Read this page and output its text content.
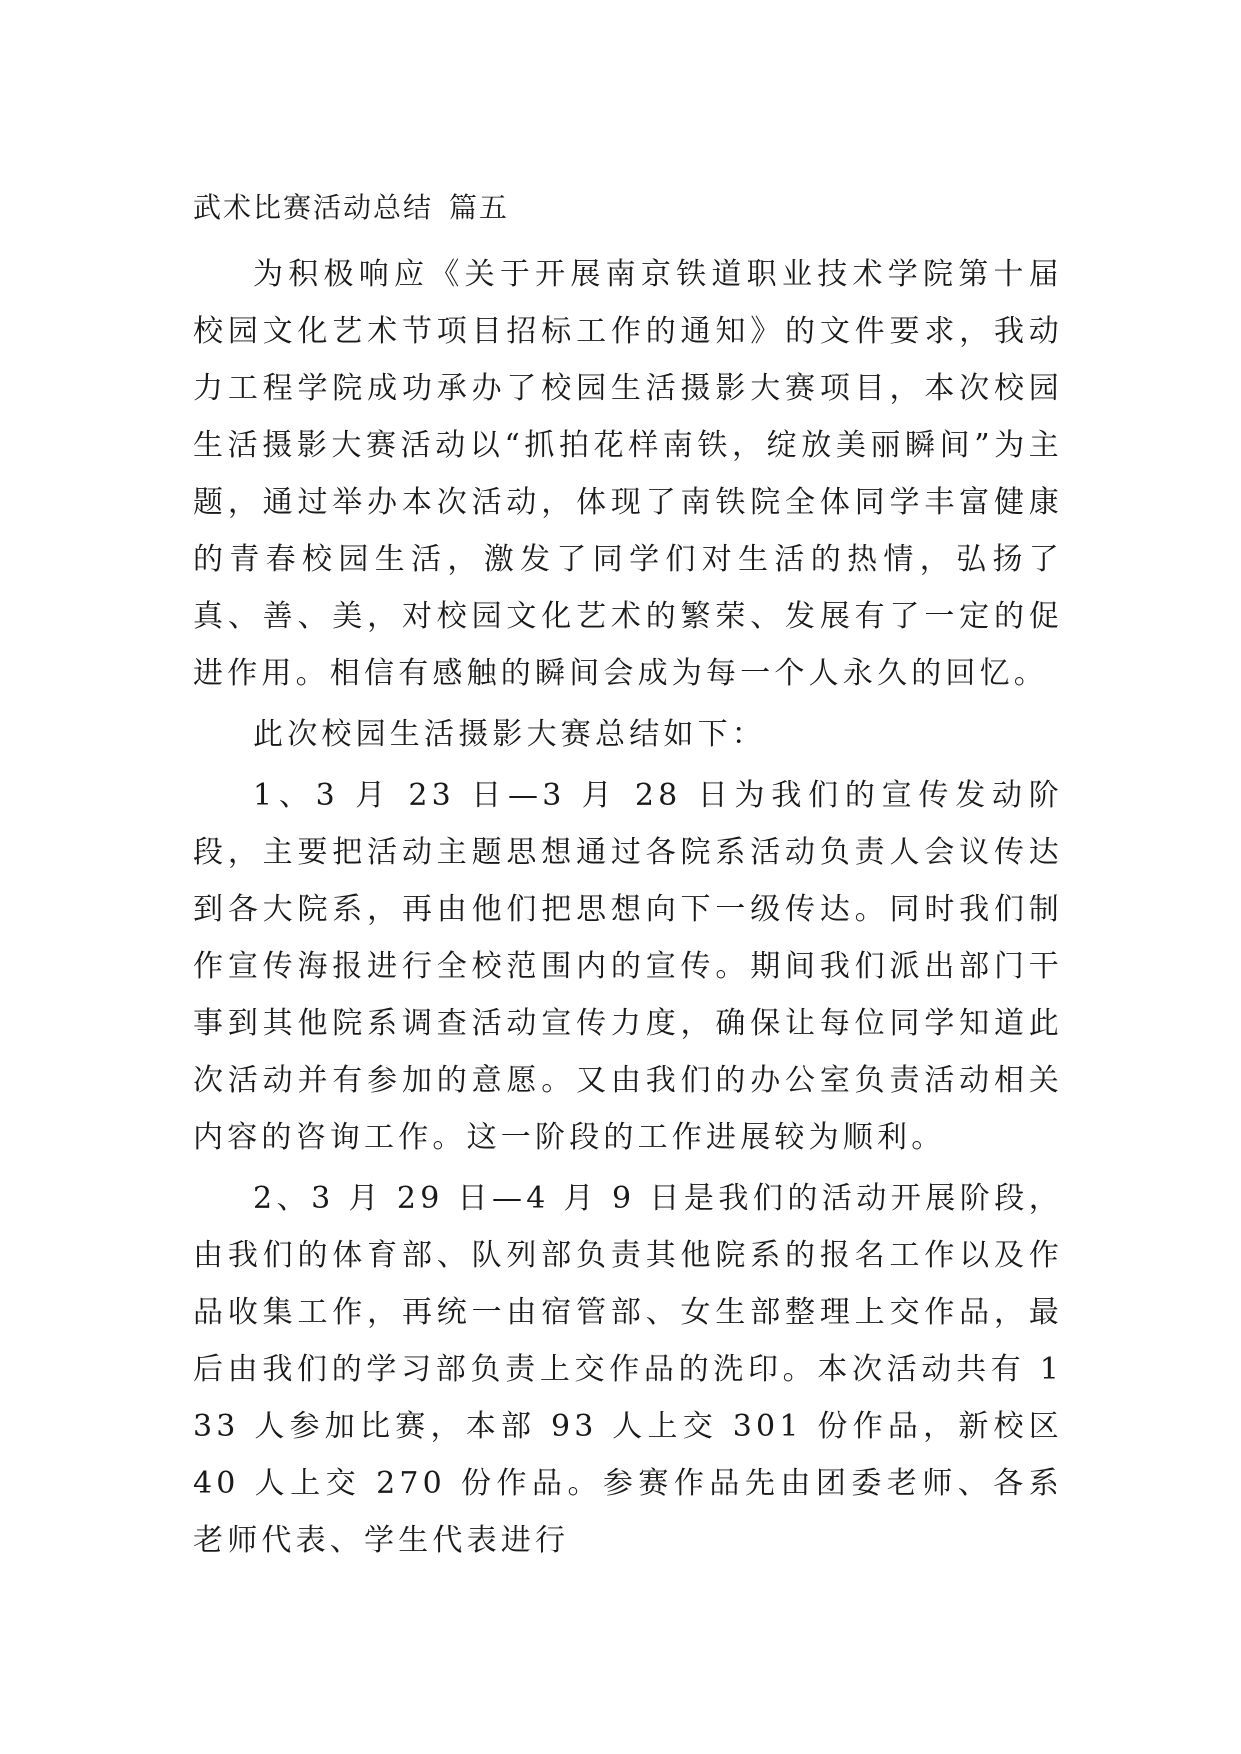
武术比赛活动总结 篇五

为积极响应《关于开展南京铁道职业技术学院第十届校园文化艺术节项目招标工作的通知》的文件要求，我动力工程学院成功承办了校园生活摄影大赛项目，本次校园生活摄影大赛活动以“抓拍花样南铁，绽放美丽瞬间”为主题，通过举办本次活动，体现了南铁院全体同学丰富健康的青春校园生活，激发了同学们对生活的热情，弘扬了真、善、美，对校园文化艺术的繁荣、发展有了一定的促进作用。相信有感触的瞬间会成为每一个人永久的回忆。

此次校园生活摄影大赛总结如下：

1、3 月 23 日—3 月 28 日为我们的宣传发动阶段，主要把活动主题思想通过各院系活动负责人会议传达到各大院系，再由他们把思想向下一级传达。同时我们制作宣传海报进行全校范围内的宣传。期间我们派出部门干事到其他院系调查活动宣传力度，确保让每位同学知道此次活动并有参加的意愿。又由我们的办公室负责活动相关内容的咨询工作。这一阶段的工作进展较为顺利。

2、3 月 29 日—4 月 9 日是我们的活动开展阶段，由我们的体育部、队列部负责其他院系的报名工作以及作品收集工作，再统一由宿管部、女生部整理上交作品，最后由我们的学习部负责上交作品的洗印。本次活动共有 133 人参加比赛，本部 93 人上交 301 份作品，新校区 40 人上交 270 份作品。参赛作品先由团委老师、各系老师代表、学生代表进行
